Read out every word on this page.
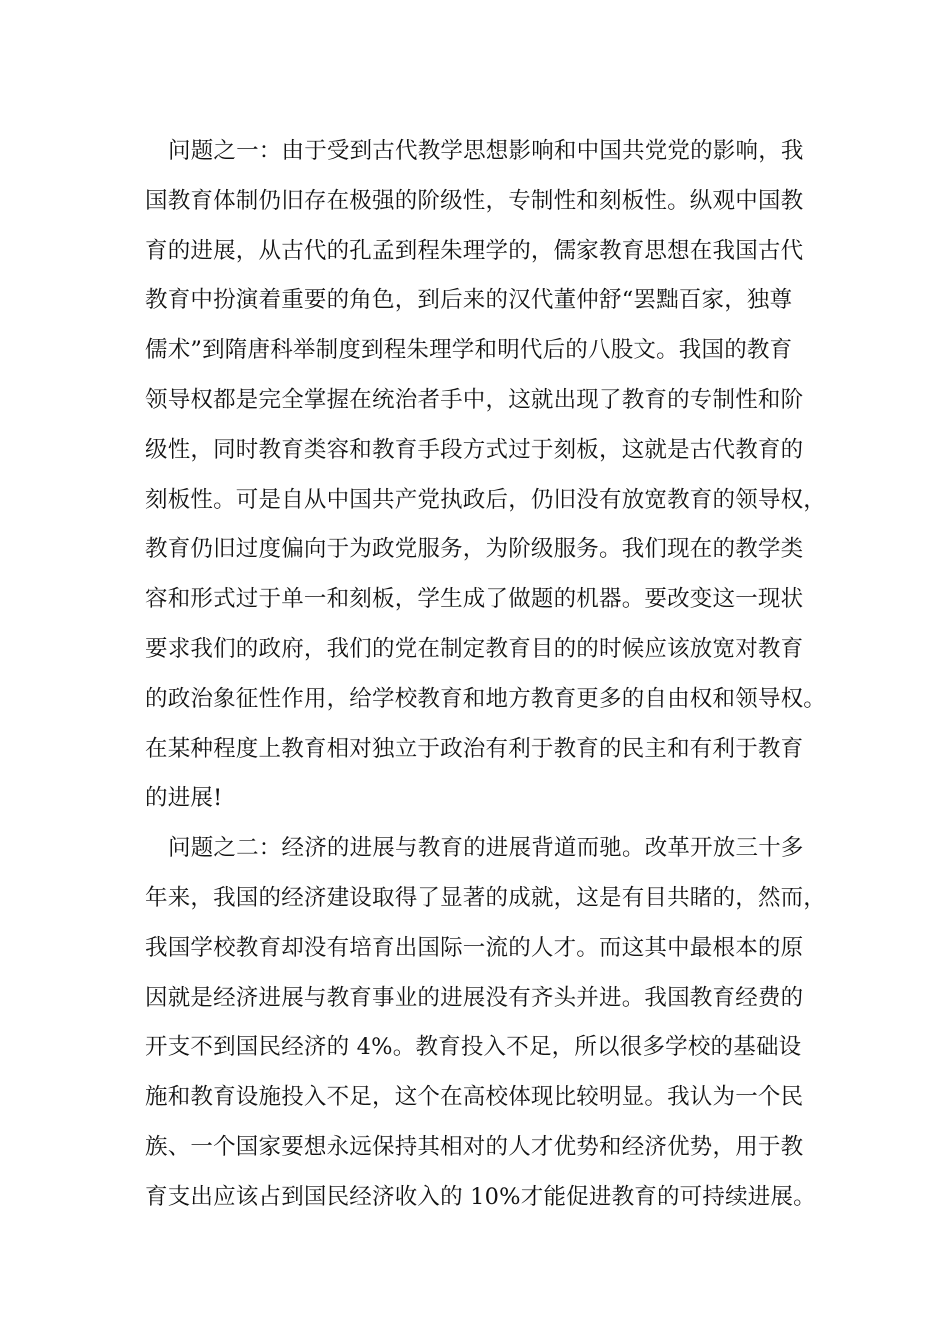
问题之一：由于受到古代教学思想影响和中国共党党的影响，我
国教育体制仍旧存在极强的阶级性，专制性和刻板性。纵观中国教
育的进展，从古代的孔孟到程朱理学的，儒家教育思想在我国古代
教育中扮演着重要的角色，到后来的汉代董仲舒“罢黜百家，独尊
儒术”到隋唐科举制度到程朱理学和明代后的八股文。我国的教育
领导权都是完全掌握在统治者手中，这就出现了教育的专制性和阶
级性，同时教育类容和教育手段方式过于刻板，这就是古代教育的
刻板性。可是自从中国共产党执政后，仍旧没有放宽教育的领导权，
教育仍旧过度偏向于为政党服务，为阶级服务。我们现在的教学类
容和形式过于单一和刻板，学生成了做题的机器。要改变这一现状
要求我们的政府，我们的党在制定教育目的的时候应该放宽对教育
的政治象征性作用，给学校教育和地方教育更多的自由权和领导权。
在某种程度上教育相对独立于政治有利于教育的民主和有利于教育
的进展!
问题之二：经济的进展与教育的进展背道而驰。改革开放三十多
年来，我国的经济建设取得了显著的成就，这是有目共睹的，然而，
我国学校教育却没有培育出国际一流的人才。而这其中最根本的原
因就是经济进展与教育事业的进展没有齐头并进。我国教育经费的
开支不到国民经济的 4%。教育投入不足，所以很多学校的基础设
施和教育设施投入不足，这个在高校体现比较明显。我认为一个民
族、一个国家要想永远保持其相对的人才优势和经济优势，用于教
育支出应该占到国民经济收入的 10%才能促进教育的可持续进展。
